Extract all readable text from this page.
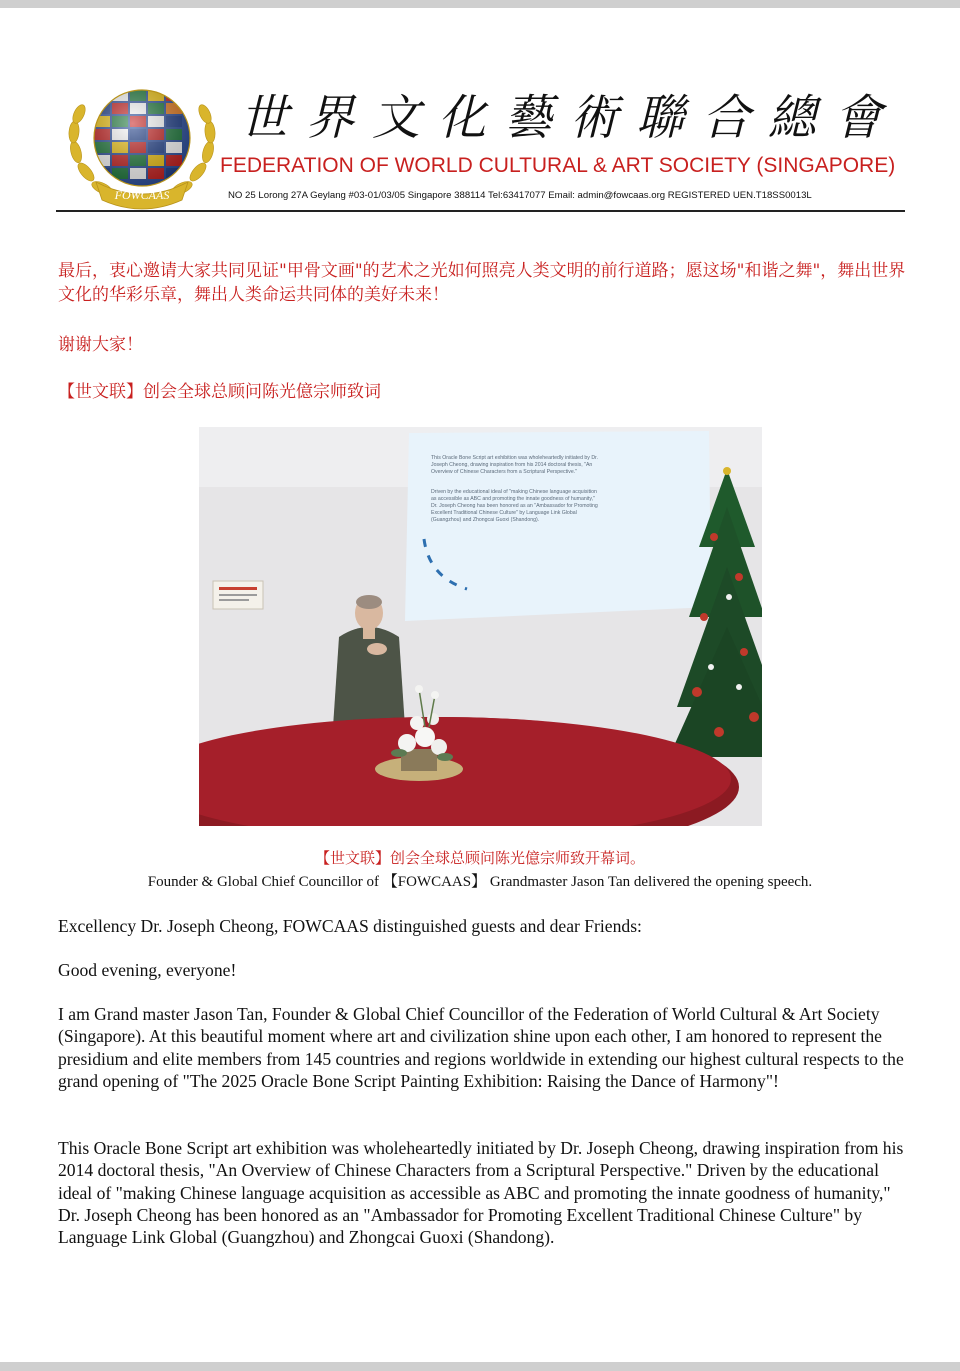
FOWCAAS
世界文化藝術聯合總會
FEDERATION OF WORLD CULTURAL & ART SOCIETY (SINGAPORE)
NO 25 Lorong 27A Geylang #03-01/03/05 Singapore 388114 Tel:63417077 Email: admin@fowcaas.org REGISTERED UEN.T18SS0013L
最后，衷心邀请大家共同见证"甲骨文画"的艺术之光如何照亮人类文明的前行道路；愿这场"和谐之舞"，舞出世界文化的华彩乐章，舞出人类命运共同体的美好未来！
谢谢大家！
【世文联】创会全球总顾问陈光億宗师致词
This Oracle Bone Script art exhibition was wholeheartedly initiated by Dr.
Joseph Cheong, drawing inspiration from his 2014 doctoral thesis, "An
Overview of Chinese Characters from a Scriptural Perspective."
Driven by the educational ideal of "making Chinese language acquisition
as accessible as ABC and promoting the innate goodness of humanity,"
Dr. Joseph Cheong has been honored as an "Ambassador for Promoting
Excellent Traditional Chinese Culture" by Language Link Global
(Guangzhou) and Zhongcai Guoxi (Shandong).
【世文联】创会全球总顾问陈光億宗师致开幕词。
Founder & Global Chief Councillor of 【FOWCAAS】 Grandmaster Jason Tan delivered the opening speech.
Excellency Dr. Joseph Cheong, FOWCAAS distinguished guests and dear Friends:
Good evening, everyone!
I am Grand master Jason Tan, Founder & Global Chief Councillor of the Federation of World Cultural & Art Society (Singapore). At this beautiful moment where art and civilization shine upon each other, I am honored to represent the presidium and elite members from 145 countries and regions worldwide in extending our highest cultural respects to the grand opening of "The 2025 Oracle Bone Script Painting Exhibition: Raising the Dance of Harmony"!
This Oracle Bone Script art exhibition was wholeheartedly initiated by Dr. Joseph Cheong, drawing inspiration from his 2014 doctoral thesis, "An Overview of Chinese Characters from a Scriptural Perspective." Driven by the educational ideal of "making Chinese language acquisition as accessible as ABC and promoting the innate goodness of humanity," Dr. Joseph Cheong has been honored as an "Ambassador for Promoting Excellent Traditional Chinese Culture" by Language Link Global (Guangzhou) and Zhongcai Guoxi (Shandong).
